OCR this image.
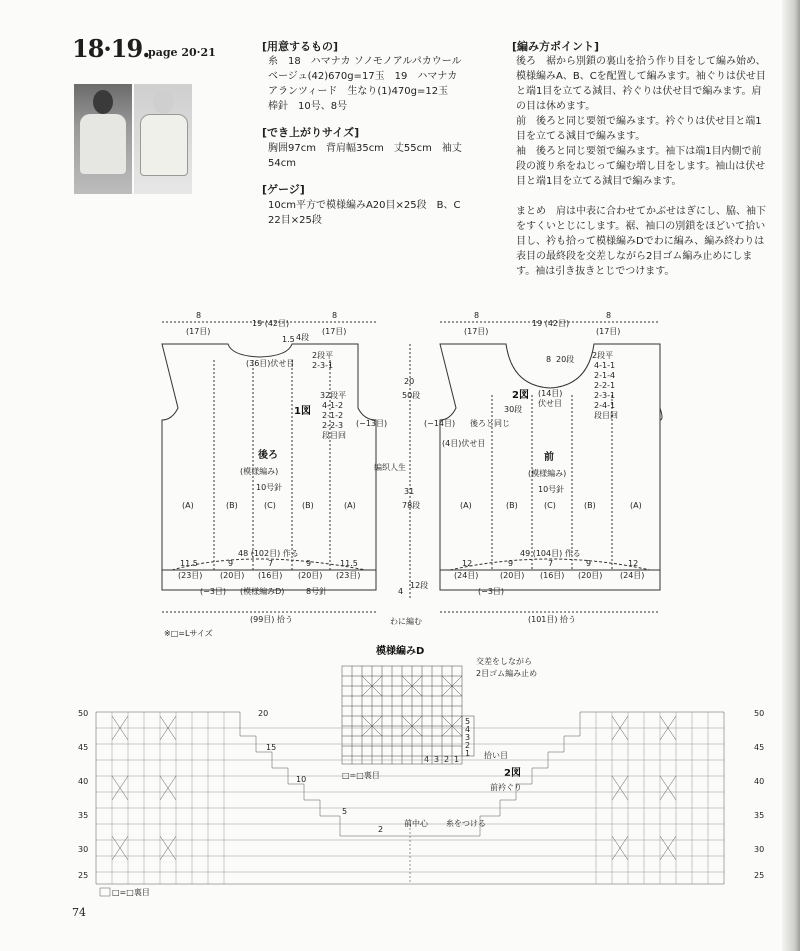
18·19.
page 20·21	[用意するもの]
糸　18　ハマナカ ソノモノアルパカウール
ベージュ(42)670g=17玉　19　ハマナカ
アランツィード　生なり(1)470g=12玉
棒針　10号、8号
[でき上がりサイズ]
胸囲97cm　背肩幅35cm　丈55cm　袖丈
54cm
[ゲージ]
10cm平方で模様編みA20目×25段　B、C
22目×25段
[編み方ポイント]
後ろ　裾から別鎖の裏山を拾う作り目をして編み始め、模様編みA、B、Cを配置して編みます。袖ぐりは伏せ目と端1目を立てる減目、衿ぐりは伏せ目で編みます。肩の目は休めます。
前　後ろと同じ要領で編みます。衿ぐりは伏せ目と端1目を立てる減目で編みます。
袖　後ろと同じ要領で編みます。袖下は端1目内側で前段の渡り糸をねじって編む増し目をします。袖山は伏せ目と端1目を立てる減目で編みます。
まとめ　肩は中表に合わせてかぶせはぎにし、脇、袖下をすくいとじにします。裾、袖口の別鎖をほどいて拾い目し、衿も拾って模様編みDでわに編み、編み終わりは表目の最終段を交差しながら2目ゴム編み止めにします。袖は引き抜きとじでつけます。
8
(17目)
19 (42目)
8
(17目)
1.5 4段
(36目)伏せ目
2段平
2-3-1
32段平
4-1-2
2-1-2
2-2-3
段目回
(−13目)
1図
後ろ
(模様編み)
10号針
(A)	(B)	(C)	(B)	(A)
48 (102目) 作る
11.5	9	7	9	11.5
(23目) (20目) (16目) (20目) (23目)
(−3目) (模様編みD)	8号針
(99目) 拾う
8
(17目)
19 (42目)
8
(17目)
8 20段
2図 (14目)
伏せ目
30段
2段平
4-1-1
2-1-4
2-2-1
2-3-1
2-4-1
段目回
後ろと同じ
(−14目)
(4目)伏せ目
前
(模様編み)
10号針
(A)	(B)	(C)	(B)	(A)
49 (104目) 作る
12	9	7	9	12
(24目)	(20目) (16目) (20目) (24目)
(−3目)
(101目) 拾う
20
50段
31
78段
4
12段
わに編む
编织人生
※□=Lサイズ
模様編みD
交差をしながら
2目ゴム編み止め
5
4
3
2
1
4 3 2 1	拾い目
□=□裏目	2図
前衿ぐり
50
45
40
35
30
25
50
45
40
35
30
25
20
15
10
5
2
前中心 糸をつける
□=□裏目
74
